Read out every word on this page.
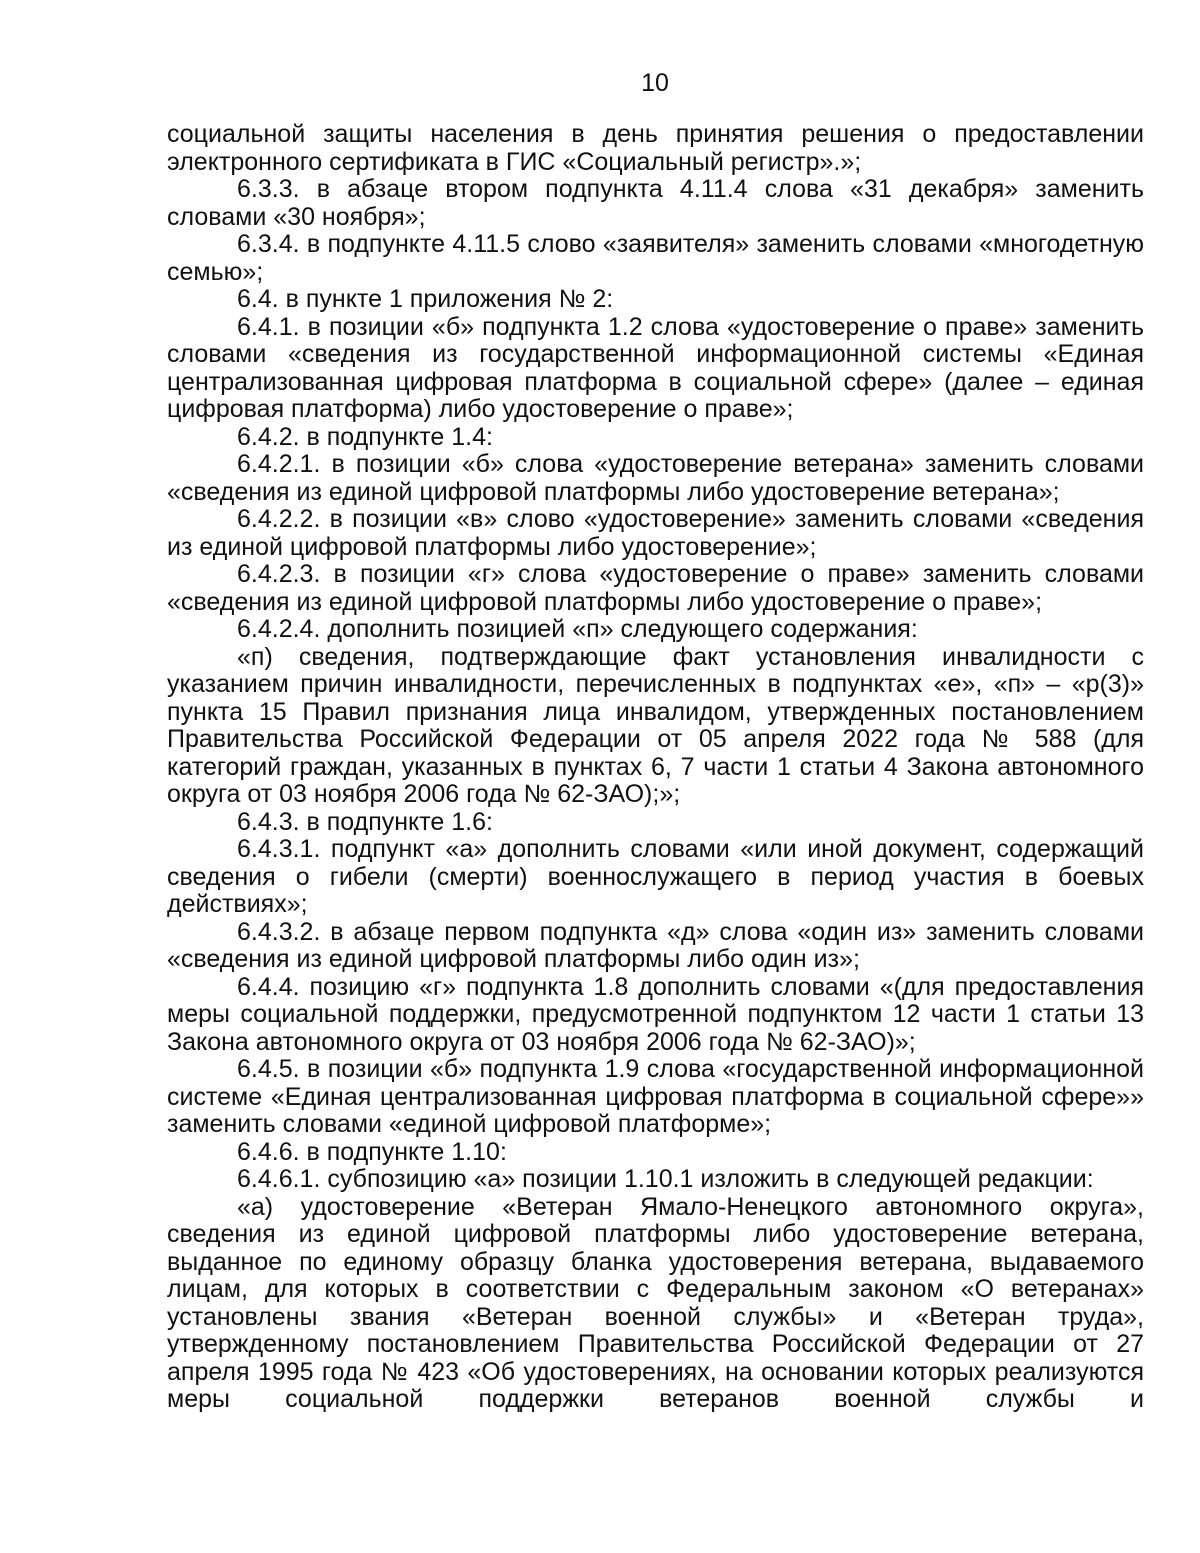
10

социальной защиты населения в день принятия решения о предоставлении электронного сертификата в ГИС «Социальный регистр».»;

6.3.3. в абзаце втором подпункта 4.11.4 слова «31 декабря» заменить словами «30 ноября»;

6.3.4. в подпункте 4.11.5 слово «заявителя» заменить словами «многодетную семью»;

6.4. в пункте 1 приложения № 2:

6.4.1. в позиции «б» подпункта 1.2 слова «удостоверение о праве» заменить словами «сведения из государственной информационной системы «Единая централизованная цифровая платформа в социальной сфере» (далее – единая цифровая платформа) либо удостоверение о праве»;

6.4.2. в подпункте 1.4:

6.4.2.1. в позиции «б» слова «удостоверение ветерана» заменить словами «сведения из единой цифровой платформы либо удостоверение ветерана»;

6.4.2.2. в позиции «в» слово «удостоверение» заменить словами «сведения из единой цифровой платформы либо удостоверение»;

6.4.2.3. в позиции «г» слова «удостоверение о праве» заменить словами «сведения из единой цифровой платформы либо удостоверение о праве»;

6.4.2.4. дополнить позицией «п» следующего содержания:

«п) сведения, подтверждающие факт установления инвалидности с указанием причин инвалидности, перечисленных в подпунктах «е», «п» – «р(3)» пункта 15 Правил признания лица инвалидом, утвержденных постановлением Правительства Российской Федерации от 05 апреля 2022 года № 588 (для категорий граждан, указанных в пунктах 6, 7 части 1 статьи 4 Закона автономного округа от 03 ноября 2006 года № 62-ЗАО);»;

6.4.3. в подпункте 1.6:

6.4.3.1. подпункт «а» дополнить словами «или иной документ, содержащий сведения о гибели (смерти) военнослужащего в период участия в боевых действиях»;

6.4.3.2. в абзаце первом подпункта «д» слова «один из» заменить словами «сведения из единой цифровой платформы либо один из»;

6.4.4. позицию «г» подпункта 1.8 дополнить словами «(для предоставления меры социальной поддержки, предусмотренной подпунктом 12 части 1 статьи 13 Закона автономного округа от 03 ноября 2006 года № 62-ЗАО)»;

6.4.5. в позиции «б» подпункта 1.9 слова «государственной информационной системе «Единая централизованная цифровая платформа в социальной сфере»» заменить словами «единой цифровой платформе»;

6.4.6. в подпункте 1.10:

6.4.6.1. субпозицию «а» позиции 1.10.1 изложить в следующей редакции:

«а) удостоверение «Ветеран Ямало-Ненецкого автономного округа», сведения из единой цифровой платформы либо удостоверение ветерана, выданное по единому образцу бланка удостоверения ветерана, выдаваемого лицам, для которых в соответствии с Федеральным законом «О ветеранах» установлены звания «Ветеран военной службы» и «Ветеран труда», утвержденному постановлением Правительства Российской Федерации от 27 апреля 1995 года № 423 «Об удостоверениях, на основании которых реализуются меры социальной поддержки ветеранов военной службы и
